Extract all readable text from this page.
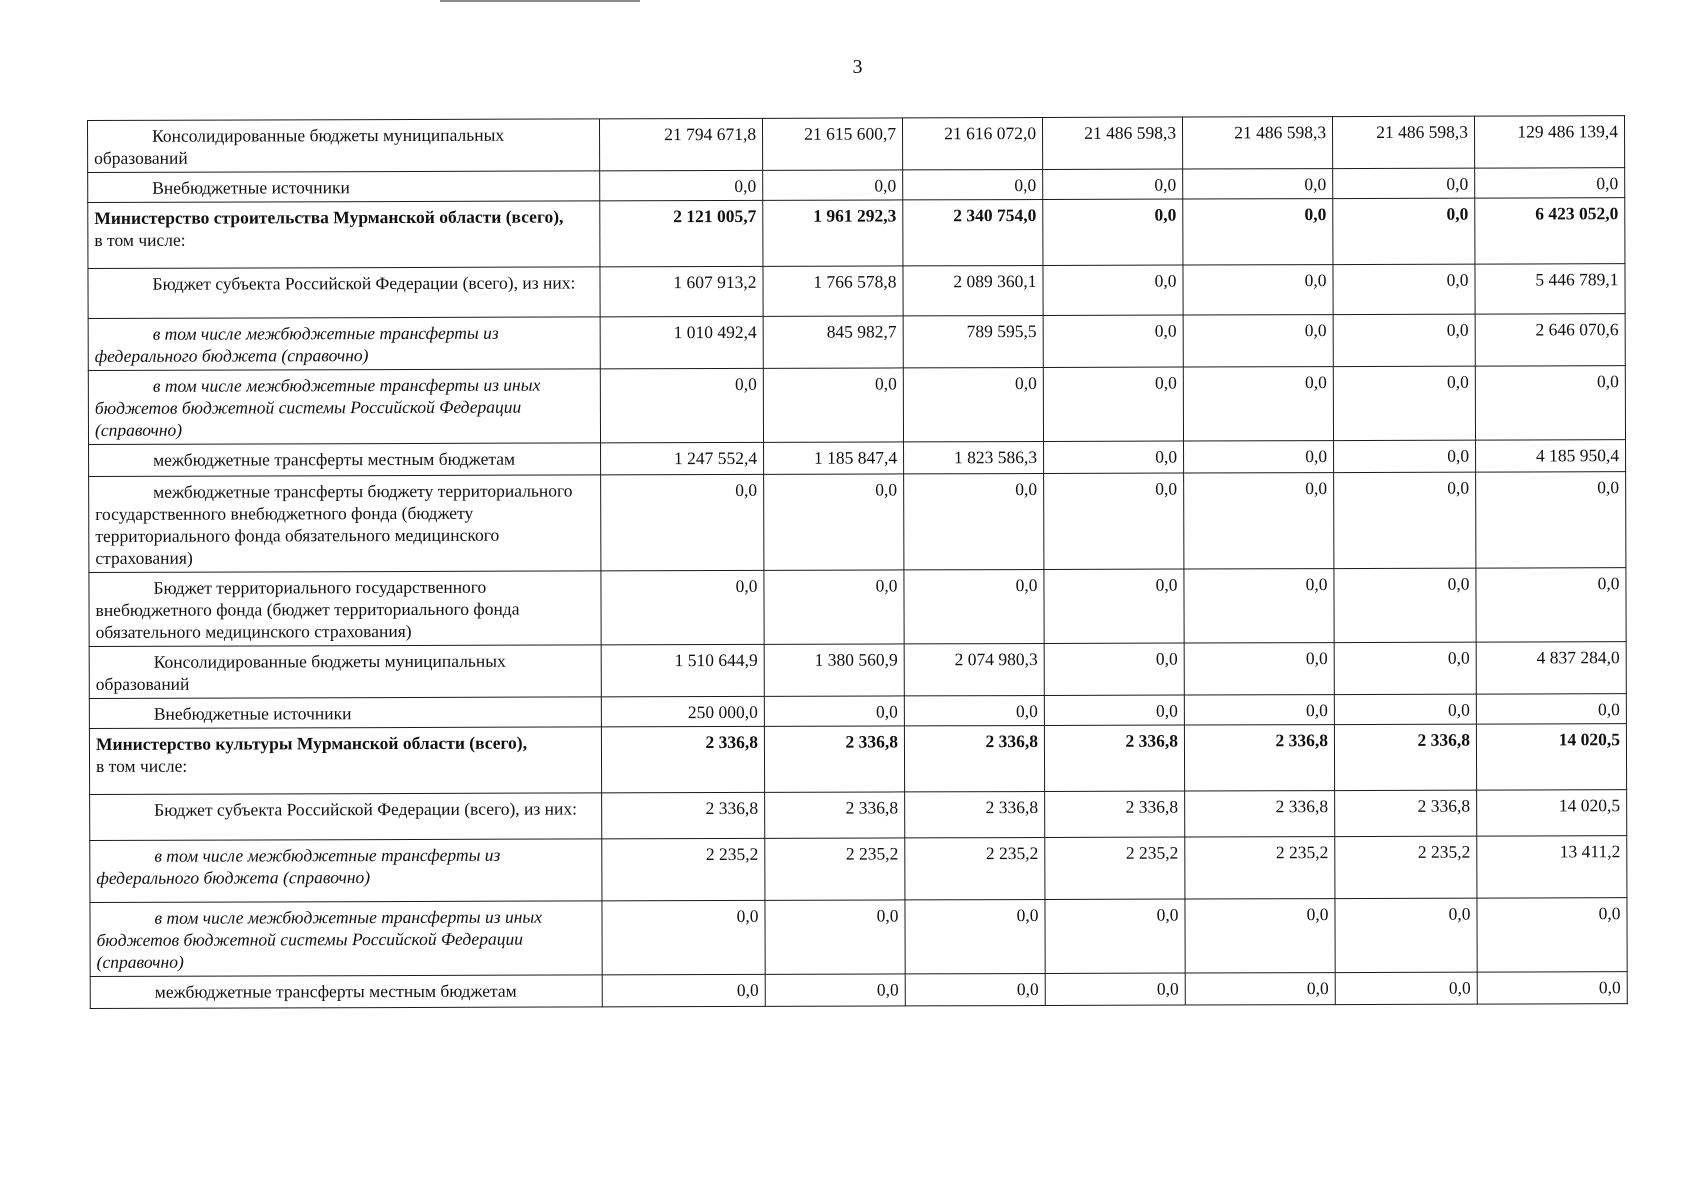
3
Консолидированные бюджеты муниципальных образований	21 794 671,8	21 615 600,7	21 616 072,0	21 486 598,3	21 486 598,3	21 486 598,3	129 486 139,4

Внебюджетные источники	0,0	0,0	0,0	0,0	0,0	0,0	0,0

Министерство строительства Мурманской области (всего),
в том числе:	2 121 005,7	1 961 292,3	2 340 754,0	0,0	0,0	0,0	6 423 052,0

Бюджет субъекта Российской Федерации (всего), из них:	1 607 913,2	1 766 578,8	2 089 360,1	0,0	0,0	0,0	5 446 789,1

в том числе межбюджетные трансферты из федерального бюджета (справочно)	1 010 492,4	845 982,7	789 595,5	0,0	0,0	0,0	2 646 070,6

в том числе межбюджетные трансферты из иных бюджетов бюджетной системы Российской Федерации (справочно)	0,0	0,0	0,0	0,0	0,0	0,0	0,0

межбюджетные трансферты местным бюджетам	1 247 552,4	1 185 847,4	1 823 586,3	0,0	0,0	0,0	4 185 950,4

межбюджетные трансферты бюджету территориального государственного внебюджетного фонда (бюджету территориального фонда обязательного медицинского страхования)	0,0	0,0	0,0	0,0	0,0	0,0	0,0

Бюджет территориального государственного внебюджетного фонда (бюджет территориального фонда обязательного медицинского страхования)	0,0	0,0	0,0	0,0	0,0	0,0	0,0

Консолидированные бюджеты муниципальных образований	1 510 644,9	1 380 560,9	2 074 980,3	0,0	0,0	0,0	4 837 284,0

Внебюджетные источники	250 000,0	0,0	0,0	0,0	0,0	0,0	0,0

Министерство культуры Мурманской области (всего),
в том числе:	2 336,8	2 336,8	2 336,8	2 336,8	2 336,8	2 336,8	14 020,5

Бюджет субъекта Российской Федерации (всего), из них:	2 336,8	2 336,8	2 336,8	2 336,8	2 336,8	2 336,8	14 020,5

в том числе межбюджетные трансферты из федерального бюджета (справочно)	2 235,2	2 235,2	2 235,2	2 235,2	2 235,2	2 235,2	13 411,2

в том числе межбюджетные трансферты из иных бюджетов бюджетной системы Российской Федерации (справочно)	0,0	0,0	0,0	0,0	0,0	0,0	0,0

межбюджетные трансферты местным бюджетам	0,0	0,0	0,0	0,0	0,0	0,0	0,0
